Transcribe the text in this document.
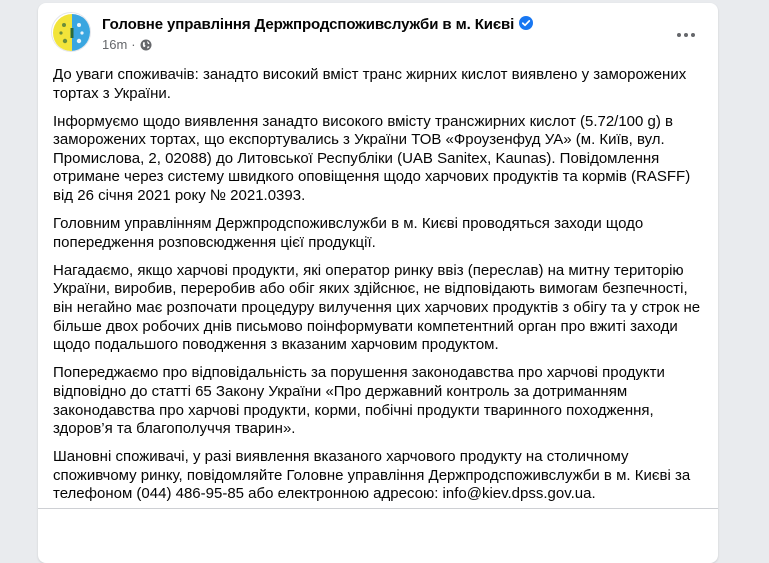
Головне управління Держпродспоживслужби в м. Києві
16m ·

До уваги споживачів: занадто високий вміст транс жирних кислот виявлено у заморожених тортах з України.

Інформуємо щодо виявлення занадто високого вмісту трансжирних кислот (5.72/100 g) в заморожених тортах, що експортувались з України ТОВ «Фроузенфуд УА» (м. Київ, вул. Промислова, 2, 02088) до Литовської Республіки (UAB Sanitex, Kaunas). Повідомлення отримане через систему швидкого оповіщення щодо харчових продуктів та кормів (RASFF) від 26 січня 2021 року № 2021.0393.

Головним управлінням Держпродспоживслужби в м. Києві проводяться заходи щодо попередження розповсюдження цієї продукції.

Нагадаємо, якщо харчові продукти, які оператор ринку ввіз (переслав) на митну територію України, виробив, переробив або обіг яких здійснює, не відповідають вимогам безпечності, він негайно має розпочати процедуру вилучення цих харчових продуктів з обігу та у строк не більше двох робочих днів письмово поінформувати компетентний орган про вжиті заходи щодо подальшого поводження з вказаним харчовим продуктом.

Попереджаємо про відповідальність за порушення законодавства про харчові продукти відповідно до статті 65 Закону України «Про державний контроль за дотриманням законодавства про харчові продукти, корми, побічні продукти тваринного походження, здоров’я та благополуччя тварин».

Шановні споживачі, у разі виявлення вказаного харчового продукту на столичному споживчому ринку, повідомляйте Головне управління Держпродспоживслужби в м. Києві за телефоном (044) 486-95-85 або електронною адресою: info@kiev.dpss.gov.ua.
